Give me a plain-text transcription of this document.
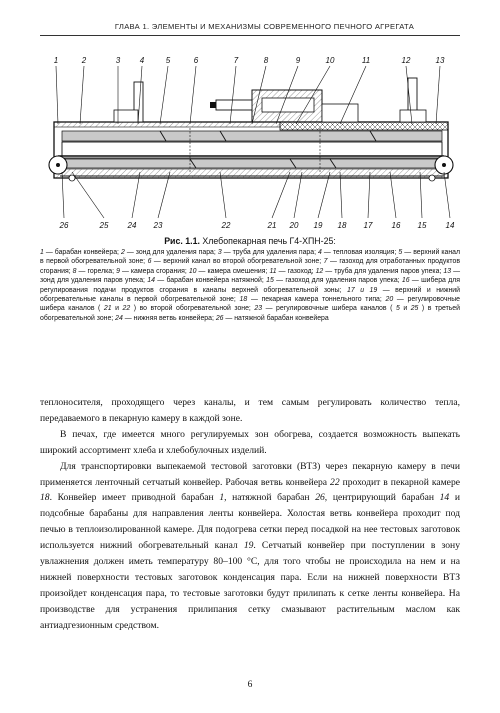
ГЛАВА 1. ЭЛЕМЕНТЫ И МЕХАНИЗМЫ СОВРЕМЕННОГО ПЕЧНОГО АГРЕГАТА
1	2	3 4	5	6	7	8	9	10	11	12	13
26	25 24 23	22	21 20 19 18 17 16 15 14
Рис. 1.1. Хлебопекарная печь Г4-ХПН-25:
1 — барабан конвейера; 2 — зонд для удаления пара; 3 — труба для удаления пара; 4 — тепловая изоляция; 5 — верхний канал в первой обогревательной зоне; 6 — верхний канал во второй обогревательной зоне; 7 — газоход для отработанных продуктов сгорания; 8 — горелка; 9 — камера сгорания; 10 — камера смешения; 11 — газоход; 12 — труба для удаления паров упека; 13 — зонд для удаления паров упека; 14 — барабан конвейера натяжной; 15 — газоход для удаления паров упека; 16 — шибера для регулирования подачи продуктов сгорания в каналы верхней обогревательной зоны; 17 и 19 — верхний и нижний обогревательные каналы в первой обогревательной зоне; 18 — пекарная камера тоннельного типа; 20 — регулировочные шибера каналов ( 21 и 22 ) во второй обогревательной зоне; 23 — регулировочные шибера каналов ( 5 и 25 ) в третьей обогревательной зоне; 24 — нижняя ветвь конвейера; 26 — натяжной барабан конвейера

теплоносителя, проходящего через каналы, и тем самым регулировать количество тепла, передаваемого в пекарную камеру в каждой зоне.

В печах, где имеется много регулируемых зон обогрева, создается возможность выпекать широкий ассортимент хлеба и хлебобулочных изделий.

Для транспортировки выпекаемой тестовой заготовки (ВТЗ) через пекарную камеру в печи применяется ленточный сетчатый конвейер. Рабочая ветвь конвейера 22 проходит в пекарной камере 18. Конвейер имеет приводной барабан 1, натяжной барабан 26, центрирующий барабан 14 и подсобные барабаны для направления ленты конвейера. Холостая ветвь конвейера проходит под печью в теплоизолированной камере. Для подогрева сетки перед посадкой на нее тестовых заготовок используется нижний обогревательный канал 19. Сетчатый конвейер при поступлении в зону увлажнения должен иметь температуру 80–100 °С, для того чтобы не происходила на нем и на нижней поверхности тестовых заготовок конденсация пара. Если на нижней поверхности ВТЗ произойдет конденсация пара, то тестовые заготовки будут прилипать к сетке ленты конвейера. На производстве для устранения прилипания сетку смазывают растительным маслом как антиадгезионным средством.

6
